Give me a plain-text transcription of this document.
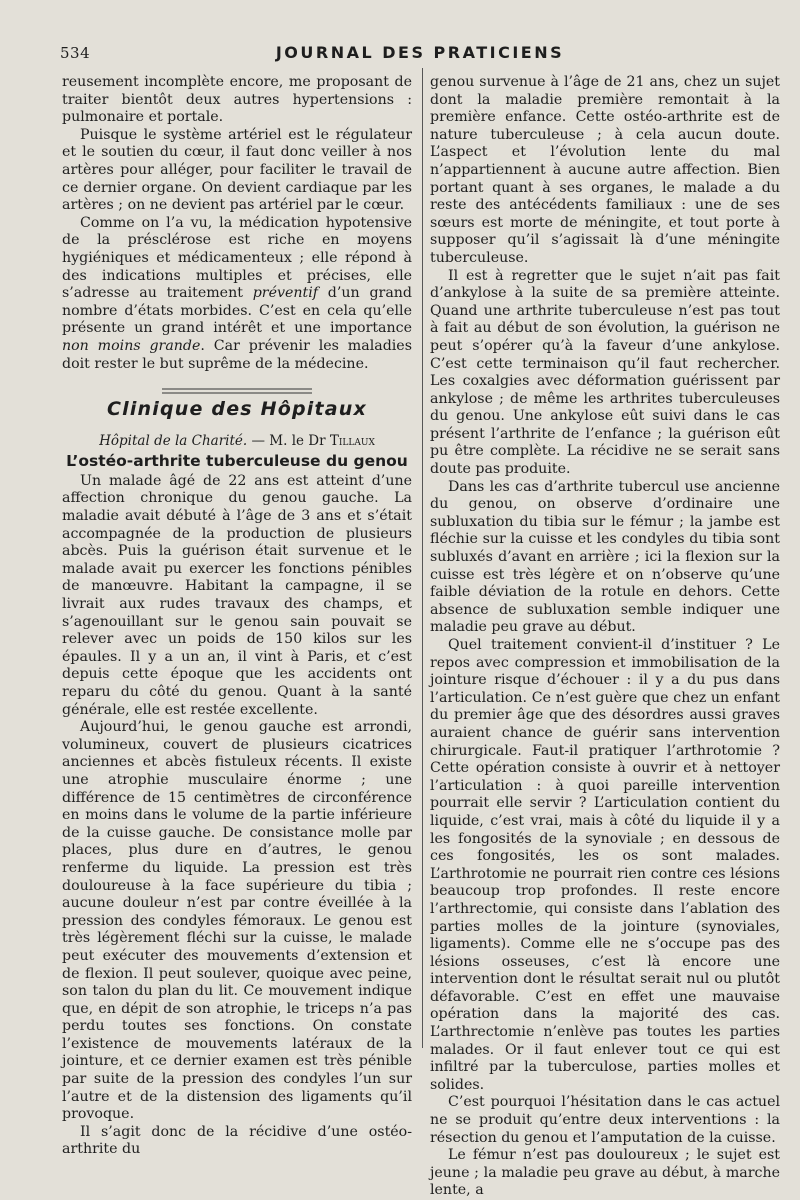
534	JOURNAL DES PRATICIENS

reusement incomplète encore, me proposant de traiter bientôt deux autres hypertensions : pulmonaire et portale.

Puisque le système artériel est le régulateur et le soutien du cœur, il faut donc veiller à nos artères pour alléger, pour faciliter le travail de ce dernier organe. On devient cardiaque par les artères ; on ne devient pas artériel par le cœur.

Comme on l’a vu, la médication hypotensive de la présclérose est riche en moyens hygiéniques et médicamenteux ; elle répond à des indications multiples et précises, elle s’adresse au traitement préventif d’un grand nombre d’états morbides. C’est en cela qu’elle présente un grand intérêt et une importance non moins grande. Car prévenir les maladies doit rester le but suprême de la médecine.

Clinique des Hôpitaux
Hôpital de la Charité. — M. le Dr Tillaux
L’ostéo-arthrite tuberculeuse du genou

Un malade âgé de 22 ans est atteint d’une affection chronique du genou gauche. La maladie avait débuté à l’âge de 3 ans et s’était accompagnée de la production de plusieurs abcès. Puis la guérison était survenue et le malade avait pu exercer les fonctions pénibles de manœuvre. Habitant la campagne, il se livrait aux rudes travaux des champs, et s’agenouillant sur le genou sain pouvait se relever avec un poids de 150 kilos sur les épaules. Il y a un an, il vint à Paris, et c’est depuis cette époque que les accidents ont reparu du côté du genou. Quant à la santé générale, elle est restée excellente.

Aujourd’hui, le genou gauche est arrondi, volumineux, couvert de plusieurs cicatrices anciennes et abcès fistuleux récents. Il existe une atrophie musculaire énorme ; une différence de 15 centimètres de circonférence en moins dans le volume de la partie inférieure de la cuisse gauche. De consistance molle par places, plus dure en d’autres, le genou renferme du liquide. La pression est très douloureuse à la face supérieure du tibia ; aucune douleur n’est par contre éveillée à la pression des condyles fémoraux. Le genou est très légèrement fléchi sur la cuisse, le malade peut exécuter des mouvements d’extension et de flexion. Il peut soulever, quoique avec peine, son talon du plan du lit. Ce mouvement indique que, en dépit de son atrophie, le triceps n’a pas perdu toutes ses fonctions. On constate l’existence de mouvements latéraux de la jointure, et ce dernier examen est très pénible par suite de la pression des condyles l’un sur l’autre et de la distension des ligaments qu’il provoque.

Il s’agit donc de la récidive d’une ostéo-arthrite du

genou survenue à l’âge de 21 ans, chez un sujet dont la maladie première remontait à la première enfance. Cette ostéo-arthrite est de nature tuberculeuse ; à cela aucun doute. L’aspect et l’évolution lente du mal n’appartiennent à aucune autre affection. Bien portant quant à ses organes, le malade a du reste des antécédents familiaux : une de ses sœurs est morte de méningite, et tout porte à supposer qu’il s’agissait là d’une méningite tuberculeuse.

Il est à regretter que le sujet n’ait pas fait d’ankylose à la suite de sa première atteinte. Quand une arthrite tuberculeuse n’est pas tout à fait au début de son évolution, la guérison ne peut s’opérer qu’à la faveur d’une ankylose. C’est cette terminaison qu’il faut rechercher. Les coxalgies avec déformation guérissent par ankylose ; de même les arthrites tuberculeuses du genou. Une ankylose eût suivi dans le cas présent l’arthrite de l’enfance ; la guérison eût pu être complète. La récidive ne se serait sans doute pas produite.

Dans les cas d’arthrite tubercul use ancienne du genou, on observe d’ordinaire une subluxation du tibia sur le fémur ; la jambe est fléchie sur la cuisse et les condyles du tibia sont subluxés d’avant en arrière ; ici la flexion sur la cuisse est très légère et on n’observe qu’une faible déviation de la rotule en dehors. Cette absence de subluxation semble indiquer une maladie peu grave au début.

Quel traitement convient-il d’instituer ? Le repos avec compression et immobilisation de la jointure risque d’échouer : il y a du pus dans l’articulation. Ce n’est guère que chez un enfant du premier âge que des désordres aussi graves auraient chance de guérir sans intervention chirurgicale. Faut-il pratiquer l’arthrotomie ? Cette opération consiste à ouvrir et à nettoyer l’articulation : à quoi pareille intervention pourrait elle servir ? L’articulation contient du liquide, c’est vrai, mais à côté du liquide il y a les fongosités de la synoviale ; en dessous de ces fongosités, les os sont malades. L’arthrotomie ne pourrait rien contre ces lésions beaucoup trop profondes. Il reste encore l’arthrectomie, qui consiste dans l’ablation des parties molles de la jointure (synoviales, ligaments). Comme elle ne s’occupe pas des lésions osseuses, c’est là encore une intervention dont le résultat serait nul ou plutôt défavorable. C’est en effet une mauvaise opération dans la majorité des cas. L’arthrectomie n’enlève pas toutes les parties malades. Or il faut enlever tout ce qui est infiltré par la tuberculose, parties molles et solides.

C’est pourquoi l’hésitation dans le cas actuel ne se produit qu’entre deux interventions : la résection du genou et l’amputation de la cuisse.

Le fémur n’est pas douloureux ; le sujet est jeune ; la maladie peu grave au début, à marche lente, a
